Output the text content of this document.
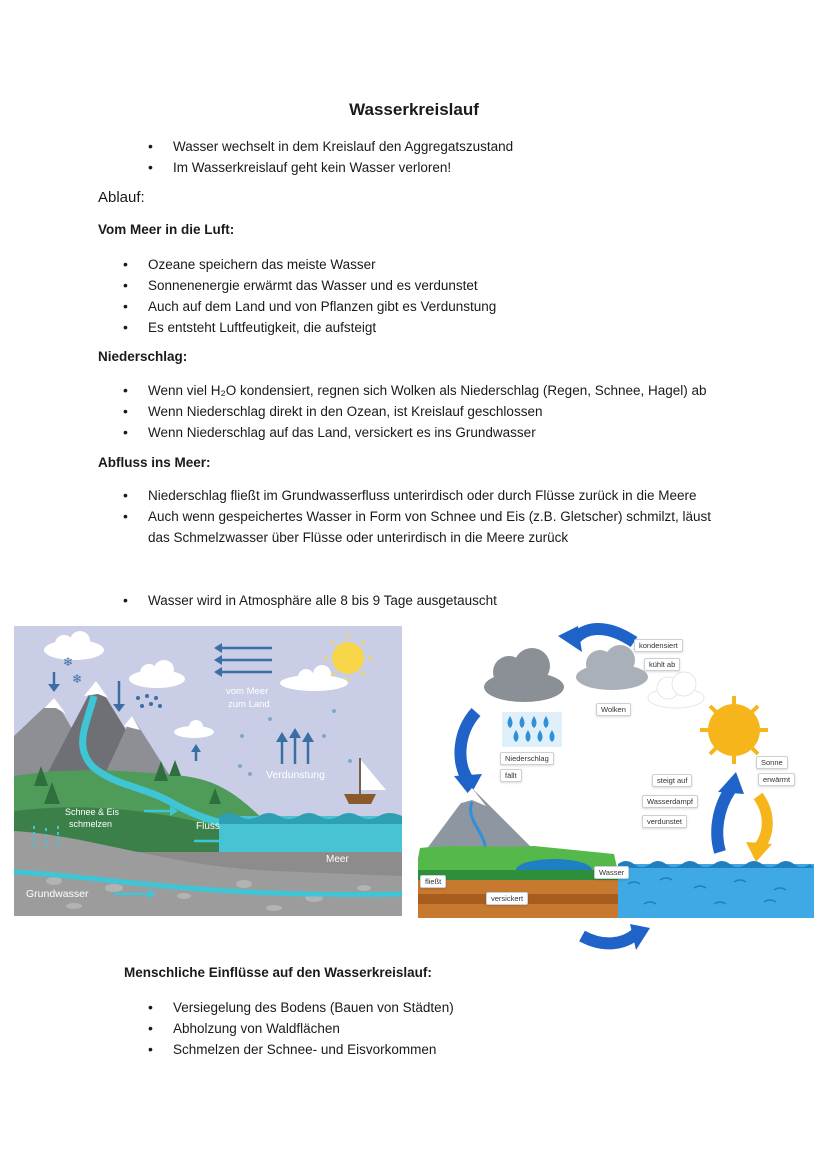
Wasserkreislauf
• Wasser wechselt in dem Kreislauf den Aggregatszustand
• Im Wasserkreislauf geht kein Wasser verloren!
Ablauf:
Vom Meer in die Luft:
• Ozeane speichern das meiste Wasser
• Sonnenenergie erwärmt das Wasser und es verdunstet
• Auch auf dem Land und von Pflanzen gibt es Verdunstung
• Es entsteht Luftfeutigkeit, die aufsteigt
Niederschlag:
• Wenn viel H₂O kondensiert, regnen sich Wolken als Niederschlag (Regen, Schnee, Hagel) ab
• Wenn Niederschlag direkt in den Ozean, ist Kreislauf geschlossen
• Wenn Niederschlag auf das Land, versickert es ins Grundwasser
Abfluss ins Meer:
• Niederschlag fließt im Grundwasserfluss unterirdisch oder durch Flüsse zurück in die Meere
• Auch wenn gespeichertes Wasser in Form von Schnee und Eis (z.B. Gletscher) schmilzt, läust das Schmelzwasser über Flüsse oder unterirdisch in die Meere zurück
• Wasser wird in Atmosphäre alle 8 bis 9 Tage ausgetauscht
❄
❄
Schnee
Regen
vom Meer
zum Land
Verdunstung
Schnee & Eis
schmelzen	Fluss
Meer
Grundwasser
kondensiert
kühlt ab
Wolken
Niederschlag
fällt
Sonne
erwärmt
steigt auf
Wasserdampf
verdunstet
fließt
Wasser
versickert
Menschliche Einflüsse auf den Wasserkreislauf:
• Versiegelung des Bodens (Bauen von Städten)
• Abholzung von Waldflächen
• Schmelzen der Schnee- und Eisvorkommen
